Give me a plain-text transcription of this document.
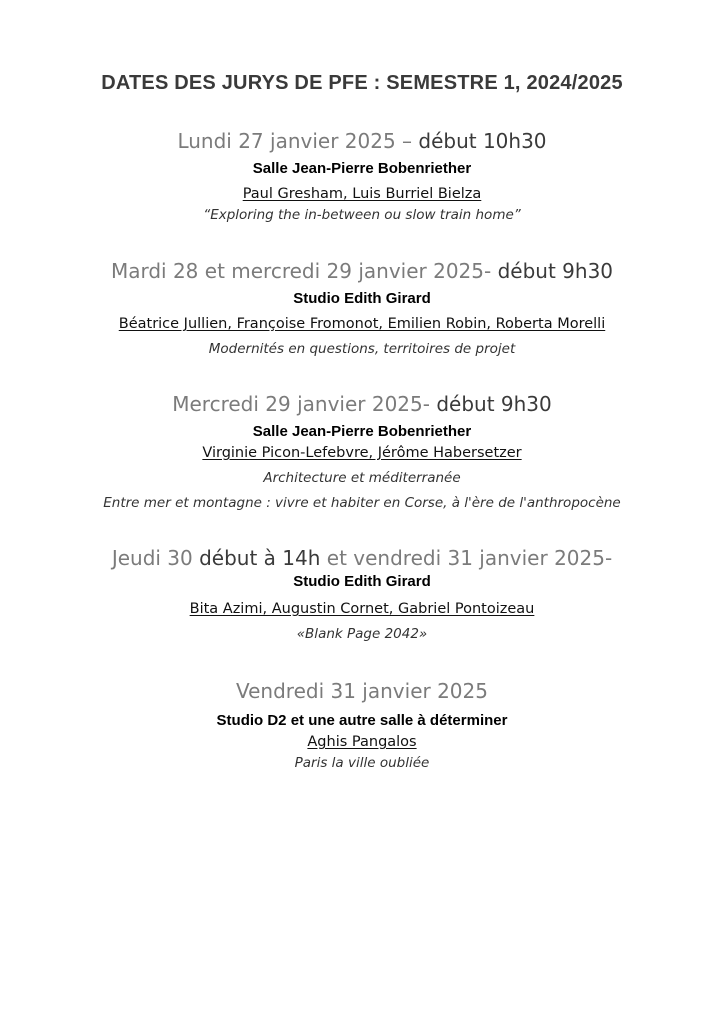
DATES DES JURYS DE PFE : SEMESTRE 1, 2024/2025
Lundi 27 janvier 2025 – début 10h30
Salle Jean-Pierre Bobenriether
Paul Gresham, Luis Burriel Bielza
“Exploring the in-between ou slow train home”
Mardi 28 et mercredi 29 janvier 2025- début 9h30
Studio Edith Girard
Béatrice Jullien, Françoise Fromonot, Emilien Robin, Roberta Morelli
Modernités en questions, territoires de projet
Mercredi 29 janvier 2025- début 9h30
Salle Jean-Pierre Bobenriether
Virginie Picon-Lefebvre, Jérôme Habersetzer
Architecture et méditerranée
Entre mer et montagne : vivre et habiter en Corse, à l'ère de l'anthropocène
Jeudi 30 début à 14h et vendredi 31 janvier 2025-
Studio Edith Girard
Bita Azimi, Augustin Cornet, Gabriel Pontoizeau
«Blank Page 2042»
Vendredi 31 janvier 2025
Studio D2 et une autre salle à déterminer
Aghis Pangalos
Paris la ville oubliée
